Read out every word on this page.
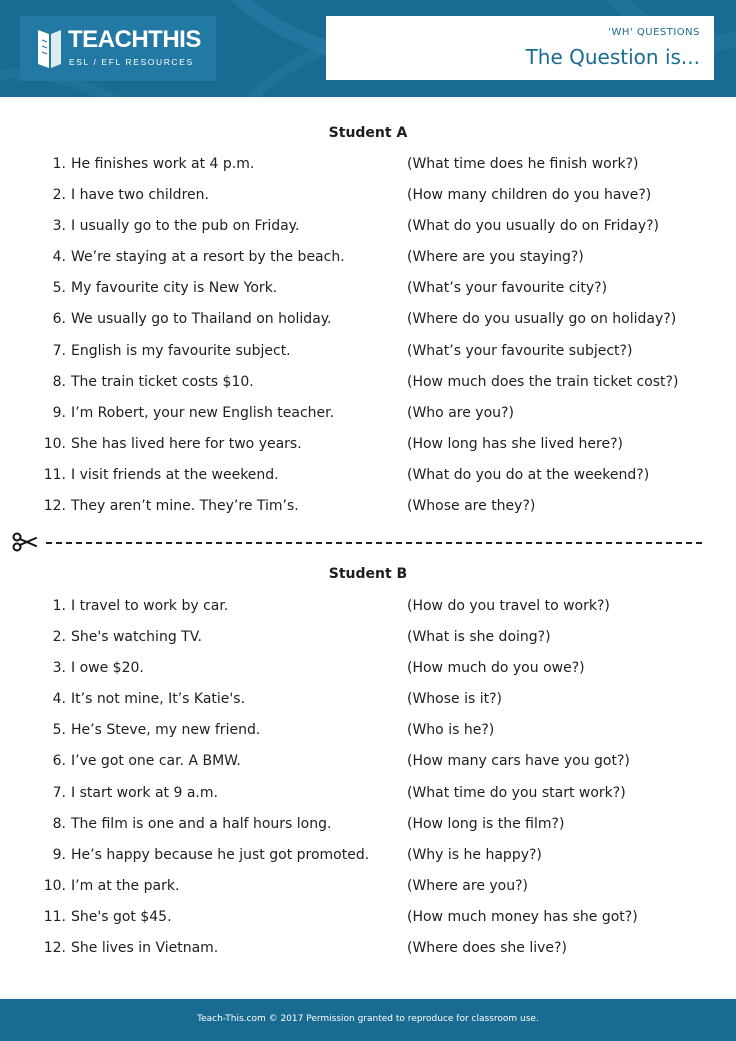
TEACHTHIS
ESL / EFL RESOURCES
'WH' QUESTIONS
The Question is...
Student A
1. He finishes work at 4 p.m.	(What time does he finish work?)
2. I have two children.	(How many children do you have?)
3. I usually go to the pub on Friday.	(What do you usually do on Friday?)
4. We’re staying at a resort by the beach.	(Where are you staying?)
5. My favourite city is New York.	(What’s your favourite city?)
6. We usually go to Thailand on holiday.	(Where do you usually go on holiday?)
7. English is my favourite subject.	(What’s your favourite subject?)
8. The train ticket costs $10.	(How much does the train ticket cost?)
9. I’m Robert, your new English teacher.	(Who are you?)
10. She has lived here for two years.	(How long has she lived here?)
11. I visit friends at the weekend.	(What do you do at the weekend?)
12. They aren’t mine. They’re Tim’s.	(Whose are they?)
Student B
1. I travel to work by car.	(How do you travel to work?)
2. She's watching TV.	(What is she doing?)
3. I owe $20.	(How much do you owe?)
4. It’s not mine, It’s Katie's.	(Whose is it?)
5. He’s Steve, my new friend.	(Who is he?)
6. I’ve got one car. A BMW.	(How many cars have you got?)
7. I start work at 9 a.m.	(What time do you start work?)
8. The film is one and a half hours long.	(How long is the film?)
9. He’s happy because he just got promoted.	(Why is he happy?)
10. I’m at the park.	(Where are you?)
11. She's got $45.	(How much money has she got?)
12. She lives in Vietnam.	(Where does she live?)
Teach-This.com © 2017 Permission granted to reproduce for classroom use.
